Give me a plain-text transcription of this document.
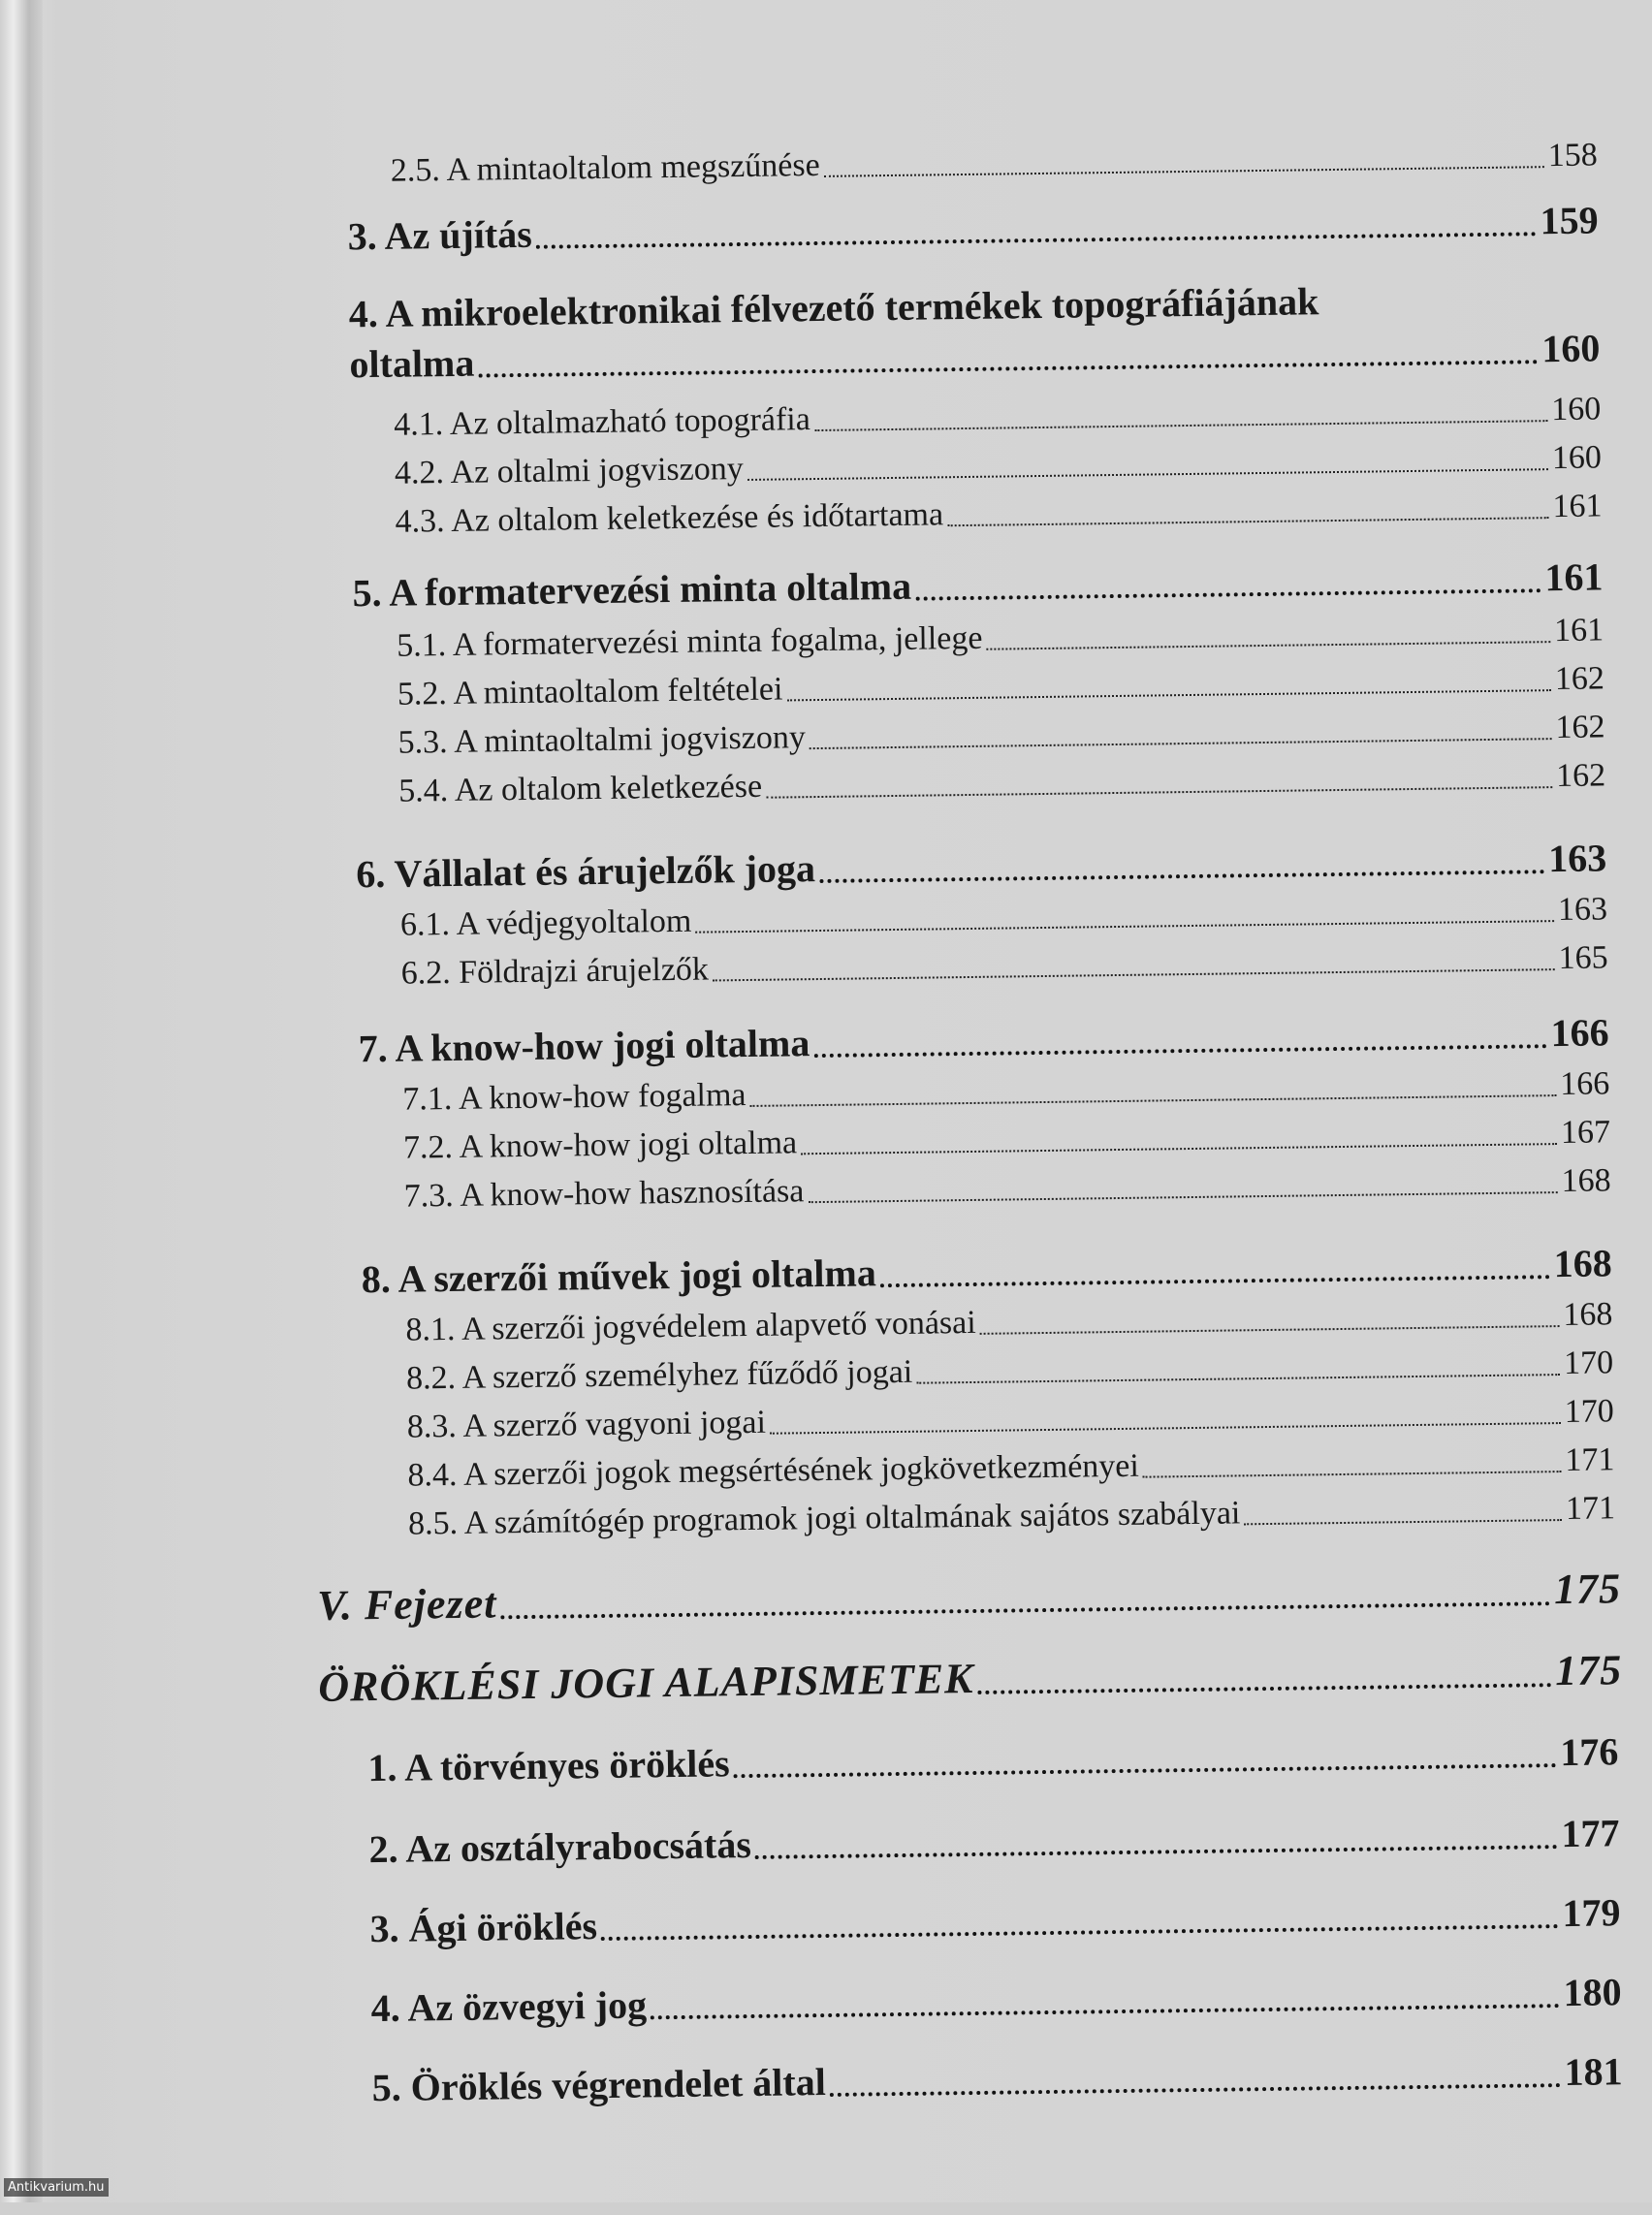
2.5. A mintaoltalom megszűnése	158
3. Az újítás	159
4. A mikroelektronikai félvezető termékek topográfiájának
oltalma	160
4.1. Az oltalmazható topográfia	160
4.2. Az oltalmi jogviszony	160
4.3. Az oltalom keletkezése és időtartama	161
5. A formatervezési minta oltalma	161
5.1. A formatervezési minta fogalma, jellege	161
5.2. A mintaoltalom feltételei	162
5.3. A mintaoltalmi jogviszony	162
5.4. Az oltalom keletkezése	162
6. Vállalat és árujelzők joga	163
6.1. A védjegyoltalom	163
6.2. Földrajzi árujelzők	165
7. A know-how jogi oltalma	166
7.1. A know-how fogalma	166
7.2. A know-how jogi oltalma	167
7.3. A know-how hasznosítása	168
8. A szerzői művek jogi oltalma	168
8.1. A szerzői jogvédelem alapvető vonásai	168
8.2. A szerző személyhez fűződő jogai	170
8.3. A szerző vagyoni jogai	170
8.4. A szerzői jogok megsértésének jogkövetkezményei	171
8.5. A számítógép programok jogi oltalmának sajátos szabályai	171
V. Fejezet	175
ÖRÖKLÉSI JOGI ALAPISMETEK	175
1. A törvényes öröklés	176
2. Az osztályrabocsátás	177
3. Ági öröklés	179
4. Az özvegyi jog	180
5. Öröklés végrendelet által	181
Antikvarium.hu
